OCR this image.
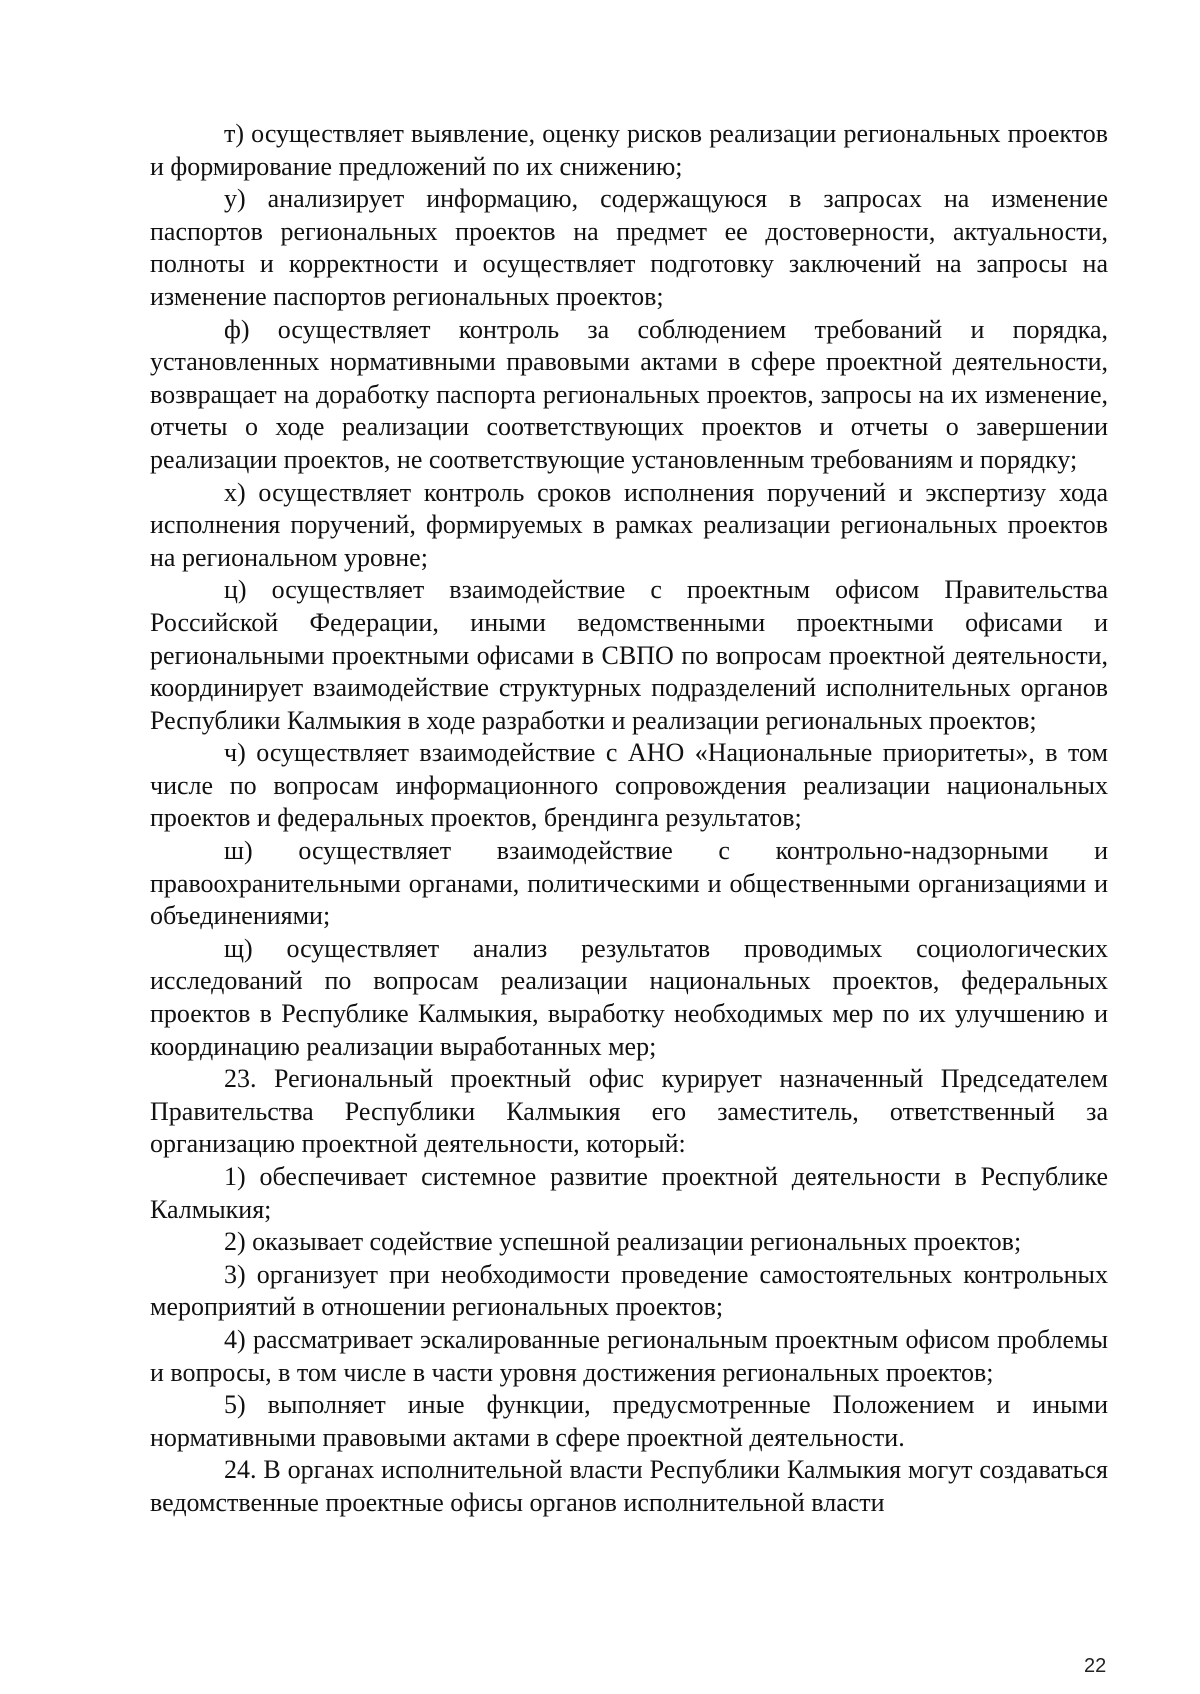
т) осуществляет выявление, оценку рисков реализации региональных проектов и формирование предложений по их снижению;

у) анализирует информацию, содержащуюся в запросах на изменение паспортов региональных проектов на предмет ее достоверности, актуальности, полноты и корректности и осуществляет подготовку заключений на запросы на изменение паспортов региональных проектов;

ф) осуществляет контроль за соблюдением требований и порядка, установленных нормативными правовыми актами в сфере проектной деятельности, возвращает на доработку паспорта региональных проектов, запросы на их изменение, отчеты о ходе реализации соответствующих проектов и отчеты о завершении реализации проектов, не соответствующие установленным требованиям и порядку;

х) осуществляет контроль сроков исполнения поручений и экспертизу хода исполнения поручений, формируемых в рамках реализации региональных проектов на региональном уровне;

ц) осуществляет взаимодействие с проектным офисом Правительства Российской Федерации, иными ведомственными проектными офисами и региональными проектными офисами в СВПО по вопросам проектной деятельности, координирует взаимодействие структурных подразделений исполнительных органов Республики Калмыкия в ходе разработки и реализации региональных проектов;

ч) осуществляет взаимодействие с АНО «Национальные приоритеты», в том числе по вопросам информационного сопровождения реализации национальных проектов и федеральных проектов, брендинга результатов;

ш) осуществляет взаимодействие с контрольно-надзорными и правоохранительными органами, политическими и общественными организациями и объединениями;

щ) осуществляет анализ результатов проводимых социологических исследований по вопросам реализации национальных проектов, федеральных проектов в Республике Калмыкия, выработку необходимых мер по их улучшению и координацию реализации выработанных мер;

23. Региональный проектный офис курирует назначенный Председателем Правительства Республики Калмыкия его заместитель, ответственный за организацию проектной деятельности, который:

1) обеспечивает системное развитие проектной деятельности в Республике Калмыкия;

2) оказывает содействие успешной реализации региональных проектов;

3) организует при необходимости проведение самостоятельных контрольных мероприятий в отношении региональных проектов;

4) рассматривает эскалированные региональным проектным офисом проблемы и вопросы, в том числе в части уровня достижения региональных проектов;

5) выполняет иные функции, предусмотренные Положением и иными нормативными правовыми актами в сфере проектной деятельности.

24. В органах исполнительной власти Республики Калмыкия могут создаваться ведомственные проектные офисы органов исполнительной власти

22
